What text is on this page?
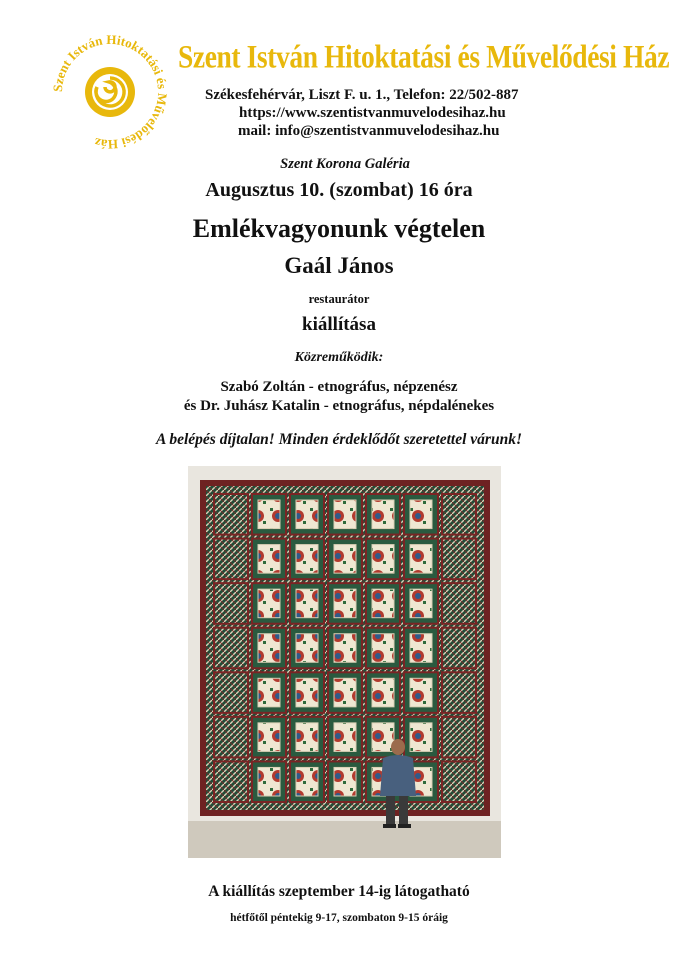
Szent István Hitoktatási és Művelődési Ház
Szent István Hitoktatási és Művelődési Ház
Székesfehérvár, Liszt F. u. 1., Telefon: 22/502-887
https://www.szentistvanmuvelodesihaz.hu
mail: info@szentistvanmuvelodesihaz.hu
Szent Korona Galéria
Augusztus 10. (szombat) 16 óra
Emlékvagyonunk végtelen
Gaál János
restaurátor
kiállítása
Közreműködik:
Szabó Zoltán - etnográfus, népzenész
és Dr. Juhász Katalin - etnográfus, népdalénekes
A belépés díjtalan! Minden érdeklődőt szeretettel várunk!
A kiállítás szeptember 14-ig látogatható
hétfőtől péntekig 9-17, szombaton 9-15 óráig
